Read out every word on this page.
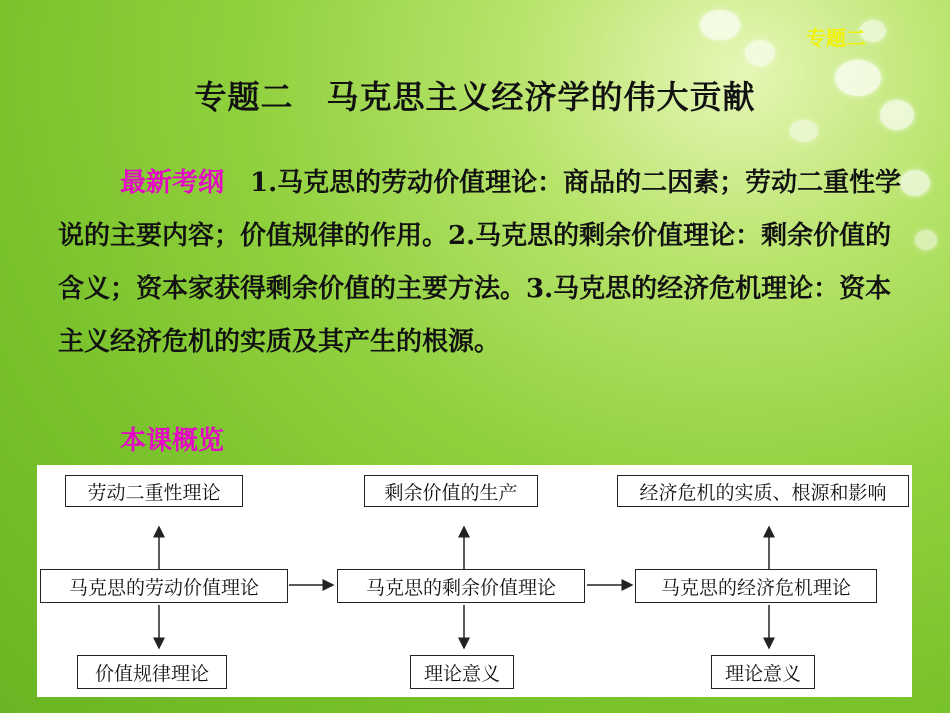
专题二
专题二　马克思主义经济学的伟大贡献
最新考纲　1.马克思的劳动价值理论：商品的二因素；劳动二重性学说的主要内容；价值规律的作用。2.马克思的剩余价值理论：剩余价值的含义；资本家获得剩余价值的主要方法。3.马克思的经济危机理论：资本主义经济危机的实质及其产生的根源。
本课概览
劳动二重性理论	剩余价值的生产	经济危机的实质、根源和影响
马克思的劳动价值理论	马克思的剩余价值理论	马克思的经济危机理论
价值规律理论	理论意义	理论意义
